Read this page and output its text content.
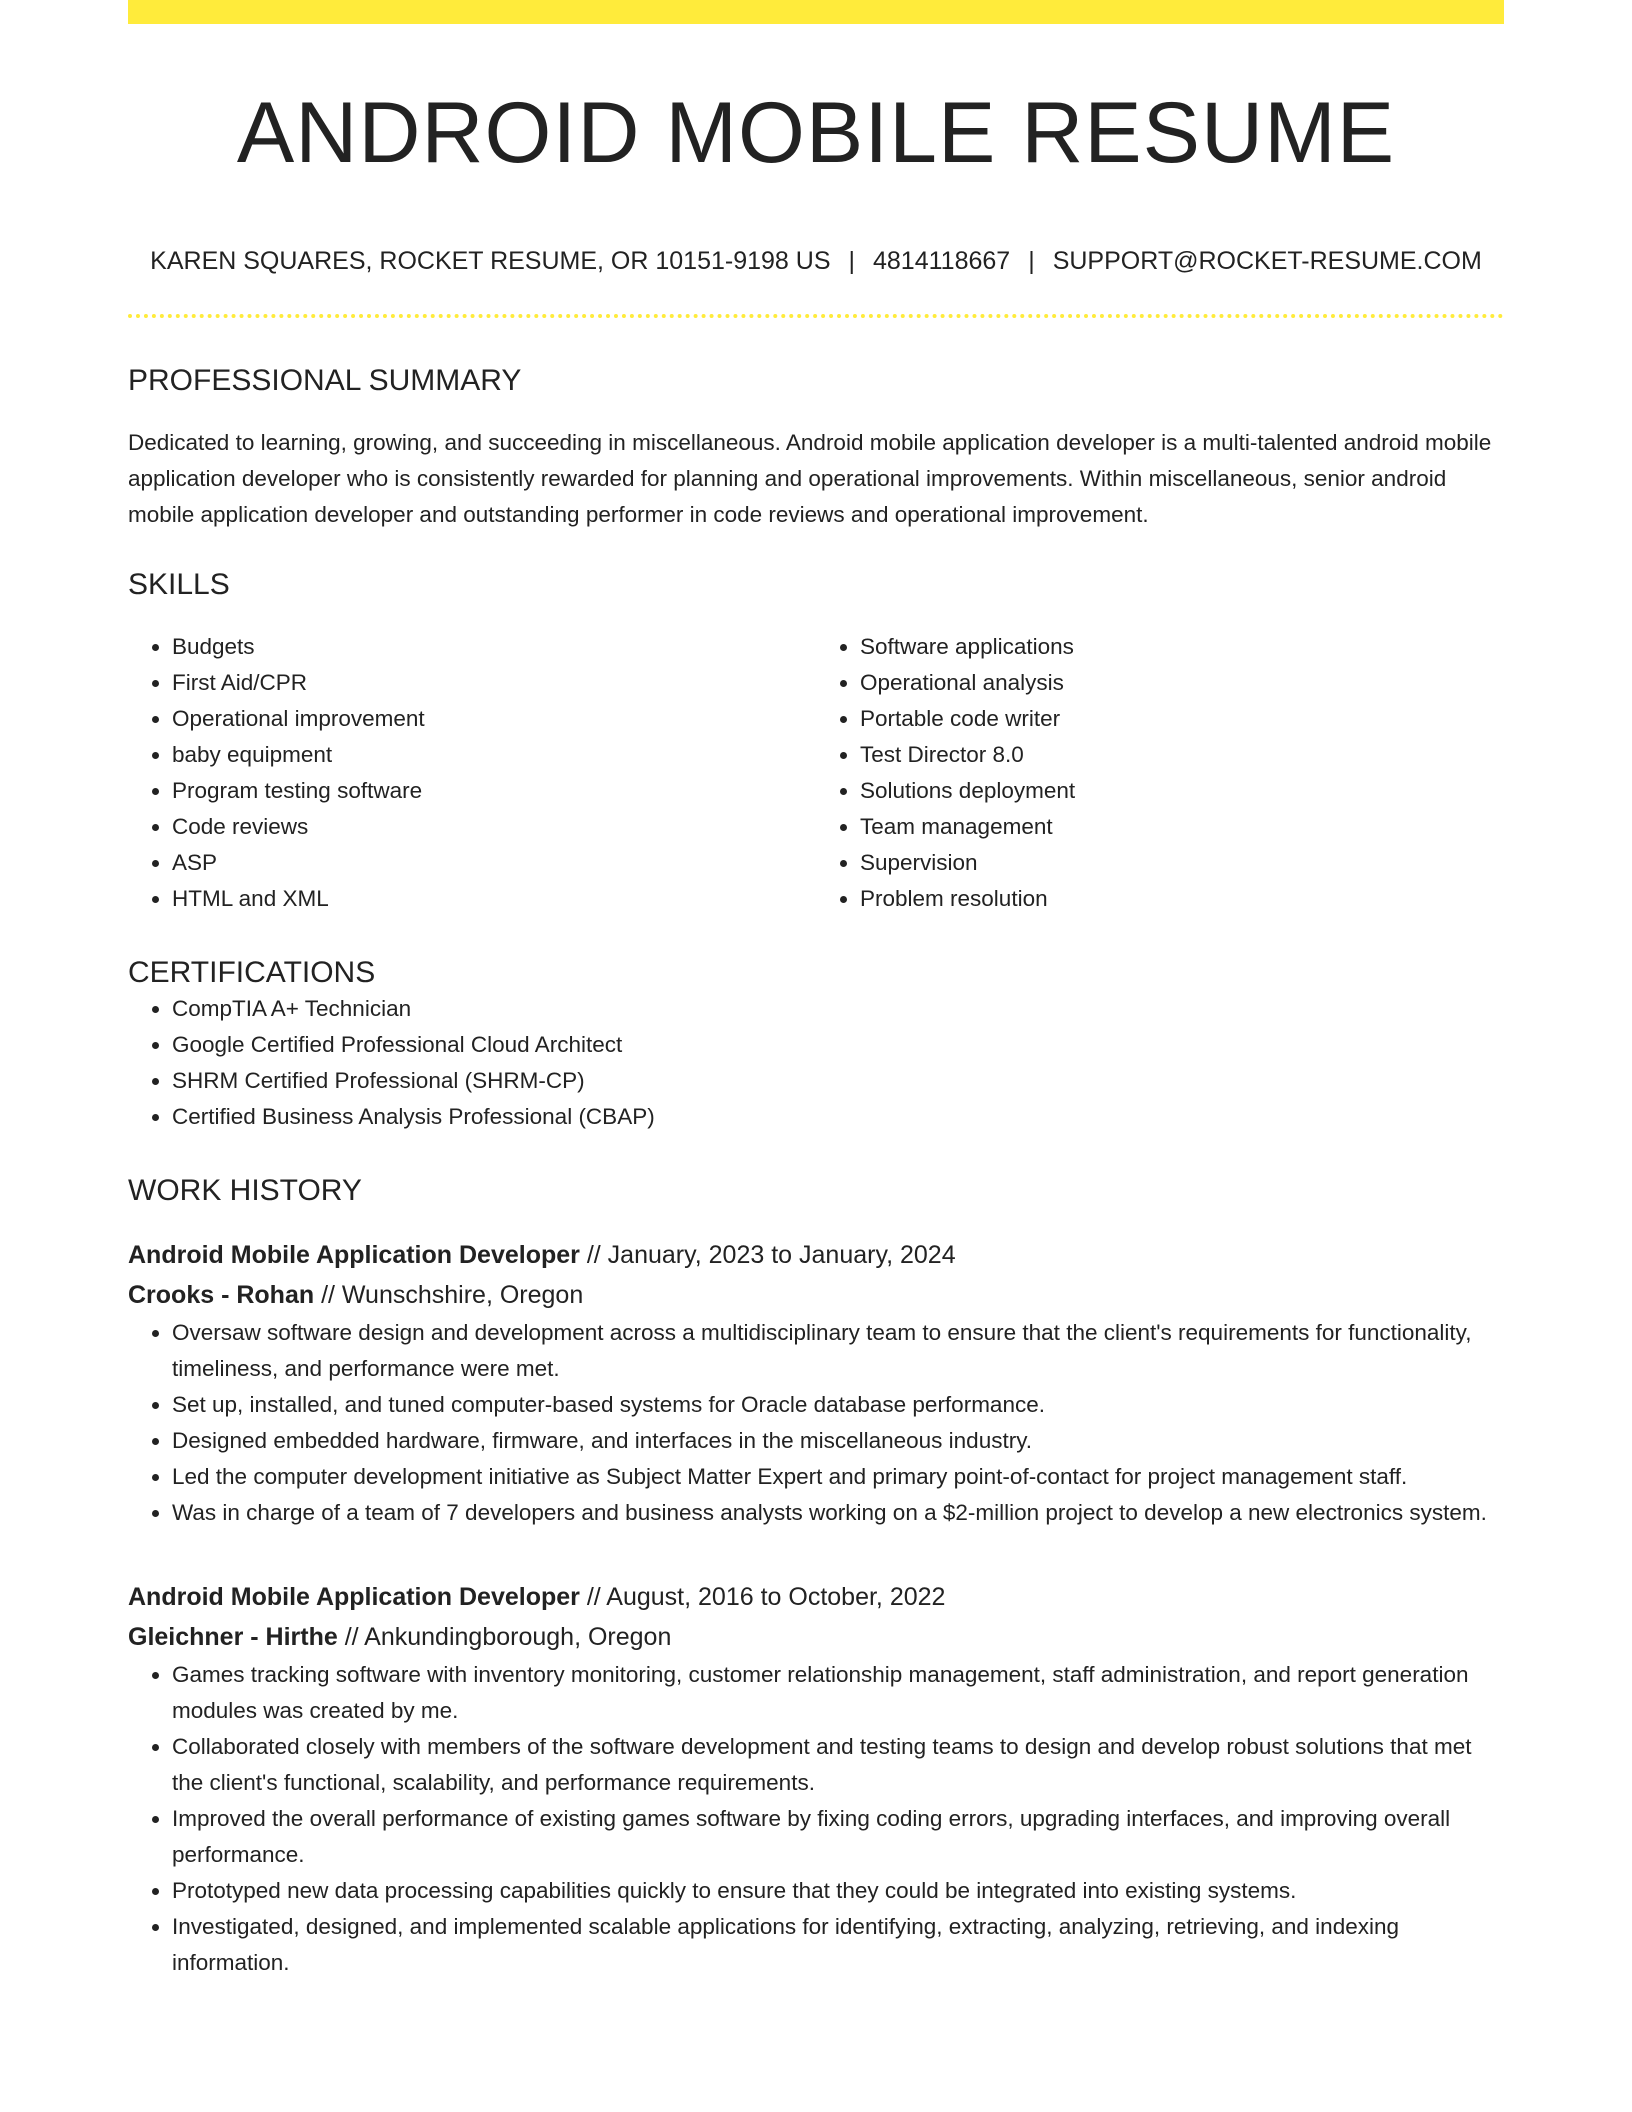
ANDROID MOBILE RESUME
KAREN SQUARES, ROCKET RESUME, OR 10151-9198 US | 4814118667 | SUPPORT@ROCKET-RESUME.COM
PROFESSIONAL SUMMARY

Dedicated to learning, growing, and succeeding in miscellaneous. Android mobile application developer is a multi-talented android mobile application developer who is consistently rewarded for planning and operational improvements. Within miscellaneous, senior android mobile application developer and outstanding performer in code reviews and operational improvement.

SKILLS
• Budgets
• First Aid/CPR
• Operational improvement
• baby equipment
• Program testing software
• Code reviews
• ASP
• HTML and XML
• Software applications
• Operational analysis
• Portable code writer
• Test Director 8.0
• Solutions deployment
• Team management
• Supervision
• Problem resolution
CERTIFICATIONS
• CompTIA A+ Technician
• Google Certified Professional Cloud Architect
• SHRM Certified Professional (SHRM-CP)
• Certified Business Analysis Professional (CBAP)
WORK HISTORY
Android Mobile Application Developer // January, 2023 to January, 2024
Crooks - Rohan // Wunschshire, Oregon
• Oversaw software design and development across a multidisciplinary team to ensure that the client's requirements for functionality, timeliness, and performance were met.
• Set up, installed, and tuned computer-based systems for Oracle database performance.
• Designed embedded hardware, firmware, and interfaces in the miscellaneous industry.
• Led the computer development initiative as Subject Matter Expert and primary point-of-contact for project management staff.
• Was in charge of a team of 7 developers and business analysts working on a $2-million project to develop a new electronics system.
Android Mobile Application Developer // August, 2016 to October, 2022
Gleichner - Hirthe // Ankundingborough, Oregon
• Games tracking software with inventory monitoring, customer relationship management, staff administration, and report generation modules was created by me.
• Collaborated closely with members of the software development and testing teams to design and develop robust solutions that met the client's functional, scalability, and performance requirements.
• Improved the overall performance of existing games software by fixing coding errors, upgrading interfaces, and improving overall performance.
• Prototyped new data processing capabilities quickly to ensure that they could be integrated into existing systems.
• Investigated, designed, and implemented scalable applications for identifying, extracting, analyzing, retrieving, and indexing information.
